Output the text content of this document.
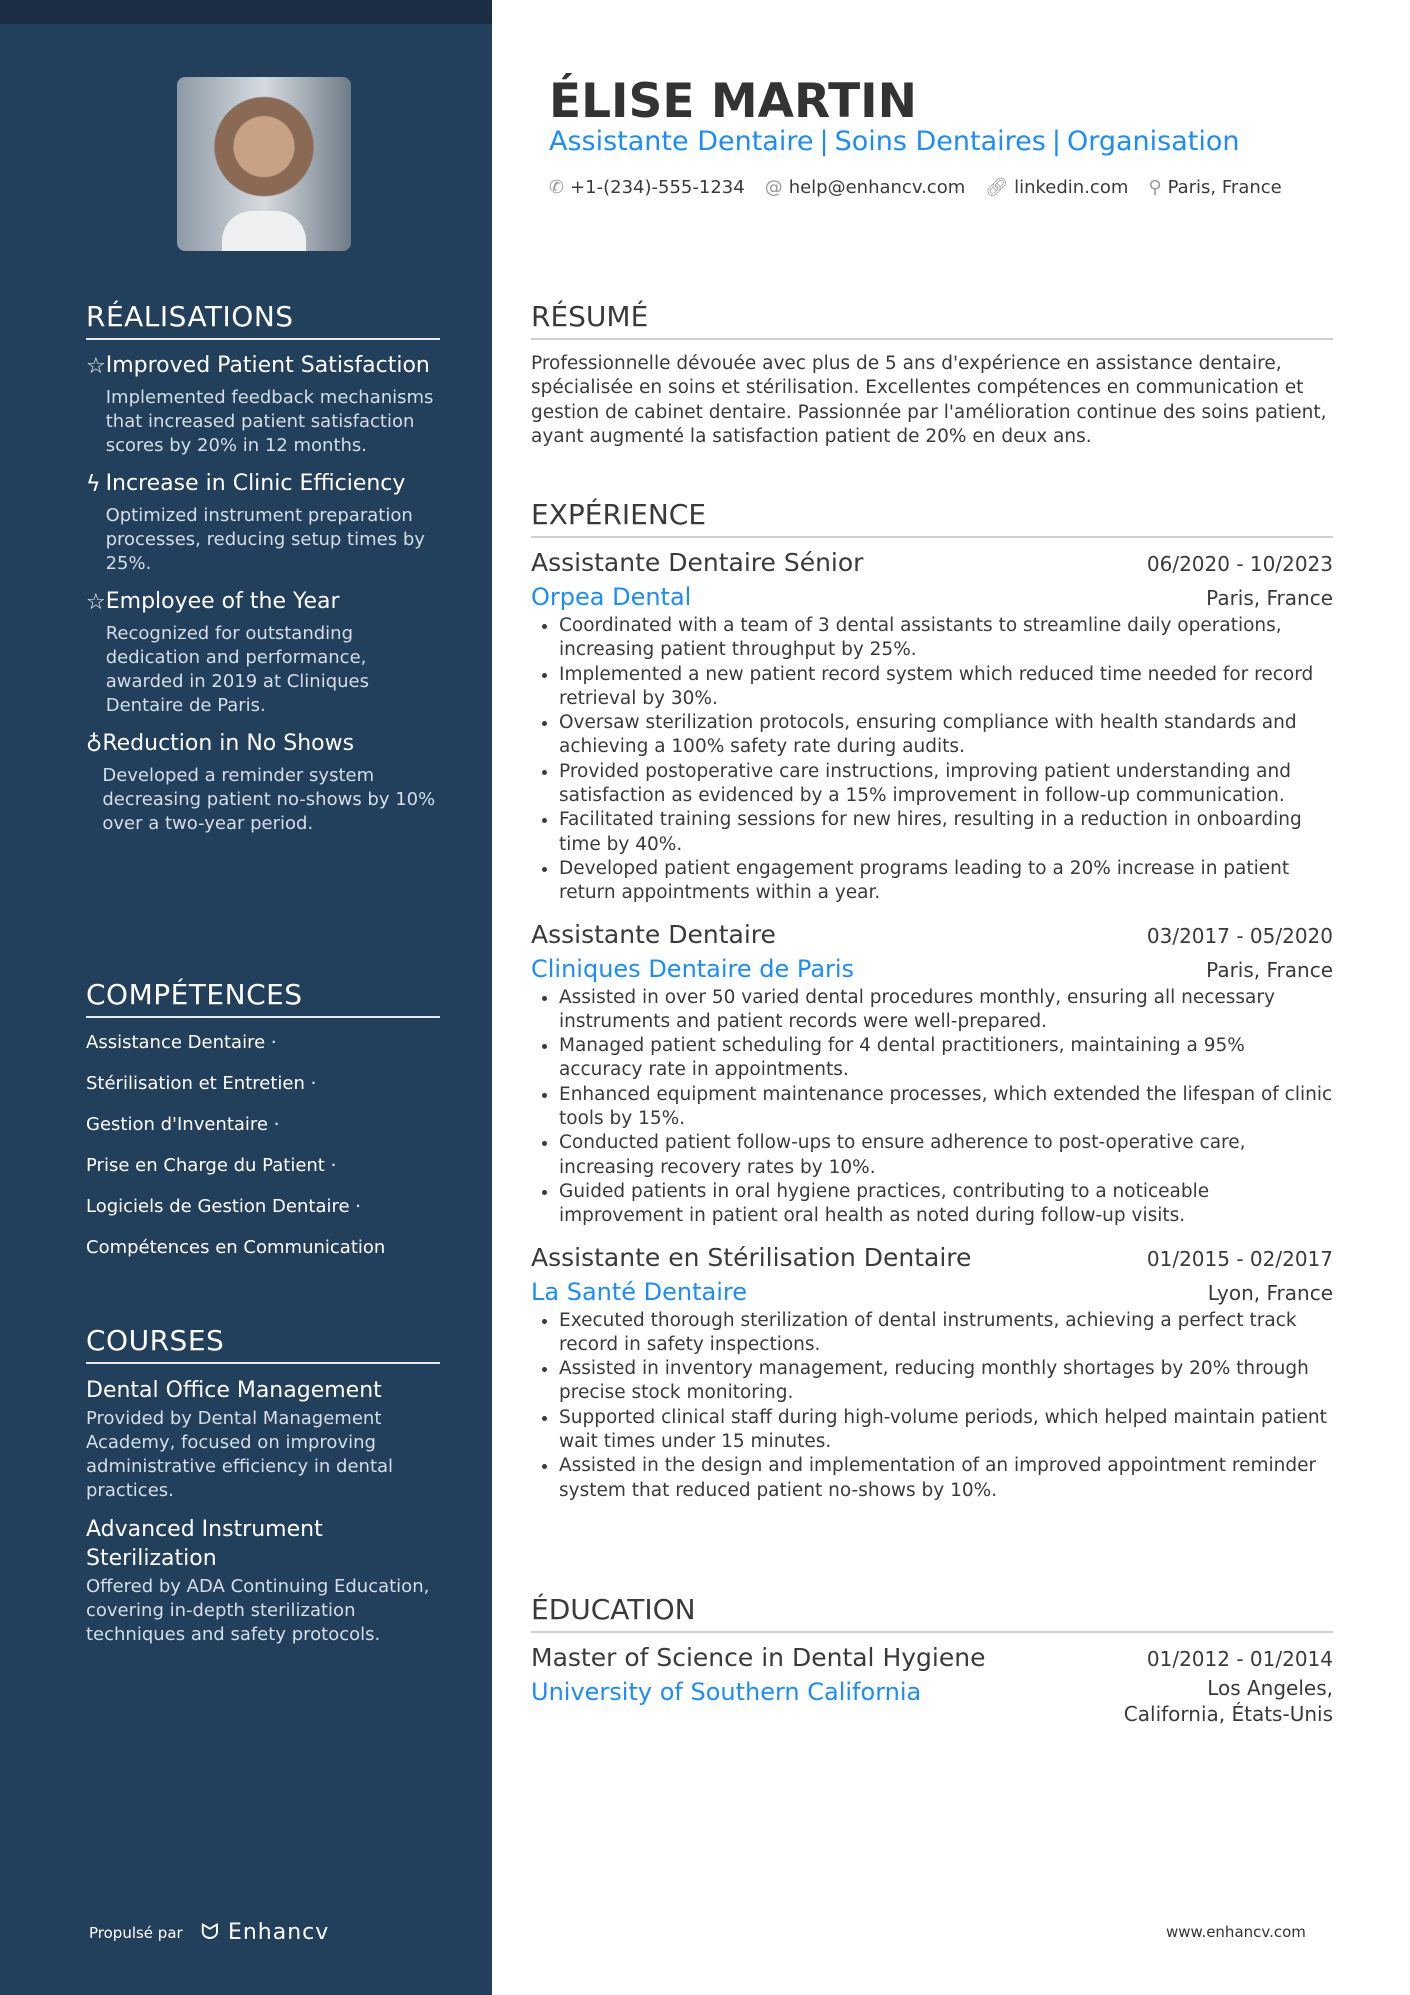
RÉALISATIONS
☆ Improved Patient Satisfaction
Implemented feedback mechanisms that increased patient satisfaction scores by 20% in 12 months.
ϟ Increase in Clinic Efficiency
Optimized instrument preparation processes, reducing setup times by 25%.
☆ Employee of the Year
Recognized for outstanding dedication and performance, awarded in 2019 at Cliniques Dentaire de Paris.
♁ Reduction in No Shows
Developed a reminder system decreasing patient no-shows by 10% over a two-year period.
COMPÉTENCES
Assistance Dentaire ·
Stérilisation et Entretien ·
Gestion d'Inventaire ·
Prise en Charge du Patient ·
Logiciels de Gestion Dentaire ·
Compétences en Communication
COURSES
Dental Office Management
Provided by Dental Management Academy, focused on improving administrative efficiency in dental practices.
Advanced Instrument Sterilization
Offered by ADA Continuing Education, covering in-depth sterilization techniques and safety protocols.
Propulsé par ᗢ Enhancv
ÉLISE MARTIN
Assistante Dentaire | Soins Dentaires | Organisation
✆ +1-(234)-555-1234 @ help@enhancv.com 🔗︎ linkedin.com ⚲ Paris, France
RÉSUMÉ
Professionnelle dévouée avec plus de 5 ans d'expérience en assistance dentaire, spécialisée en soins et stérilisation. Excellentes compétences en communication et gestion de cabinet dentaire. Passionnée par l'amélioration continue des soins patient, ayant augmenté la satisfaction patient de 20% en deux ans.
EXPÉRIENCE
Assistante Dentaire Sénior	06/2020 - 10/2023
Orpea Dental	Paris, France
• Coordinated with a team of 3 dental assistants to streamline daily operations, increasing patient throughput by 25%.
• Implemented a new patient record system which reduced time needed for record retrieval by 30%.
• Oversaw sterilization protocols, ensuring compliance with health standards and achieving a 100% safety rate during audits.
• Provided postoperative care instructions, improving patient understanding and satisfaction as evidenced by a 15% improvement in follow-up communication.
• Facilitated training sessions for new hires, resulting in a reduction in onboarding time by 40%.
• Developed patient engagement programs leading to a 20% increase in patient return appointments within a year.
Assistante Dentaire	03/2017 - 05/2020
Cliniques Dentaire de Paris	Paris, France
• Assisted in over 50 varied dental procedures monthly, ensuring all necessary instruments and patient records were well-prepared.
• Managed patient scheduling for 4 dental practitioners, maintaining a 95% accuracy rate in appointments.
• Enhanced equipment maintenance processes, which extended the lifespan of clinic tools by 15%.
• Conducted patient follow-ups to ensure adherence to post-operative care, increasing recovery rates by 10%.
• Guided patients in oral hygiene practices, contributing to a noticeable improvement in patient oral health as noted during follow-up visits.
Assistante en Stérilisation Dentaire	01/2015 - 02/2017
La Santé Dentaire	Lyon, France
• Executed thorough sterilization of dental instruments, achieving a perfect track record in safety inspections.
• Assisted in inventory management, reducing monthly shortages by 20% through precise stock monitoring.
• Supported clinical staff during high-volume periods, which helped maintain patient wait times under 15 minutes.
• Assisted in the design and implementation of an improved appointment reminder system that reduced patient no-shows by 10%.
ÉDUCATION
Master of Science in Dental Hygiene	01/2012 - 01/2014
University of Southern California	Los Angeles,
California, États-Unis
www.enhancv.com
